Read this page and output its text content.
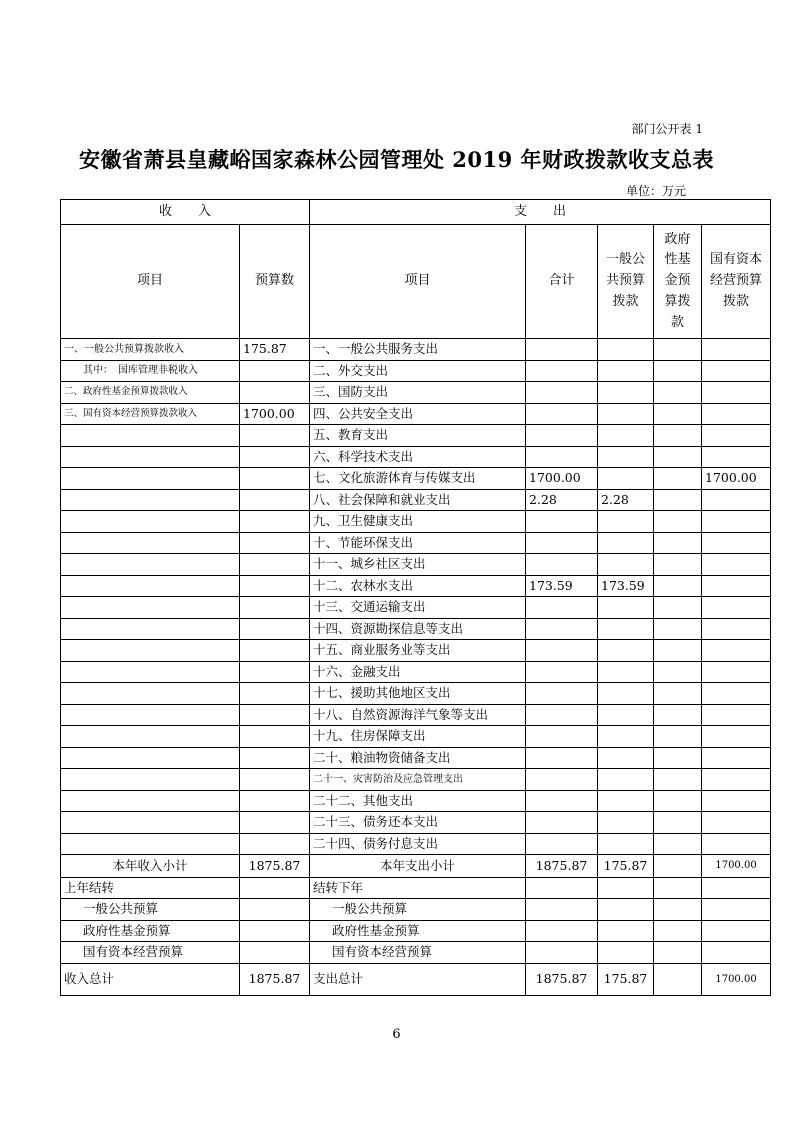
部门公开表 1
安徽省萧县皇藏峪国家森林公园管理处 2019 年财政拨款收支总表
单位：万元
收　　入		支　　出				
项目	预算数	项目	合计	一般公共预算拨款	政府性基金预算拨款	国有资本经营预算拨款
一、一般公共预算拨款收入	175.87	一、一般公共服务支出				
其中：　国库管理非税收入		二、外交支出				
二、政府性基金预算拨款收入		三、国防支出				
三、国有资本经营预算拨款收入	1700.00	四、公共安全支出				
		五、教育支出				
		六、科学技术支出				
		七、文化旅游体育与传媒支出	1700.00			1700.00
		八、社会保障和就业支出	2.28	2.28		
		九、卫生健康支出				
		十、节能环保支出				
		十一、城乡社区支出				
		十二、农林水支出	173.59	173.59		
		十三、交通运输支出				
		十四、资源勘探信息等支出				
		十五、商业服务业等支出				
		十六、金融支出				
		十七、援助其他地区支出				
		十八、自然资源海洋气象等支出				
		十九、住房保障支出				
		二十、粮油物资储备支出				
		二十一、灾害防治及应急管理支出				
		二十二、其他支出				
		二十三、债务还本支出				
		二十四、债务付息支出				
本年收入小计	1875.87	本年支出小计	1875.87	175.87		1700.00
上年结转		结转下年				
一般公共预算		一般公共预算				
政府性基金预算		政府性基金预算				
国有资本经营预算		国有资本经营预算				
收入总计	1875.87	支出总计	1875.87	175.87		1700.00
6
